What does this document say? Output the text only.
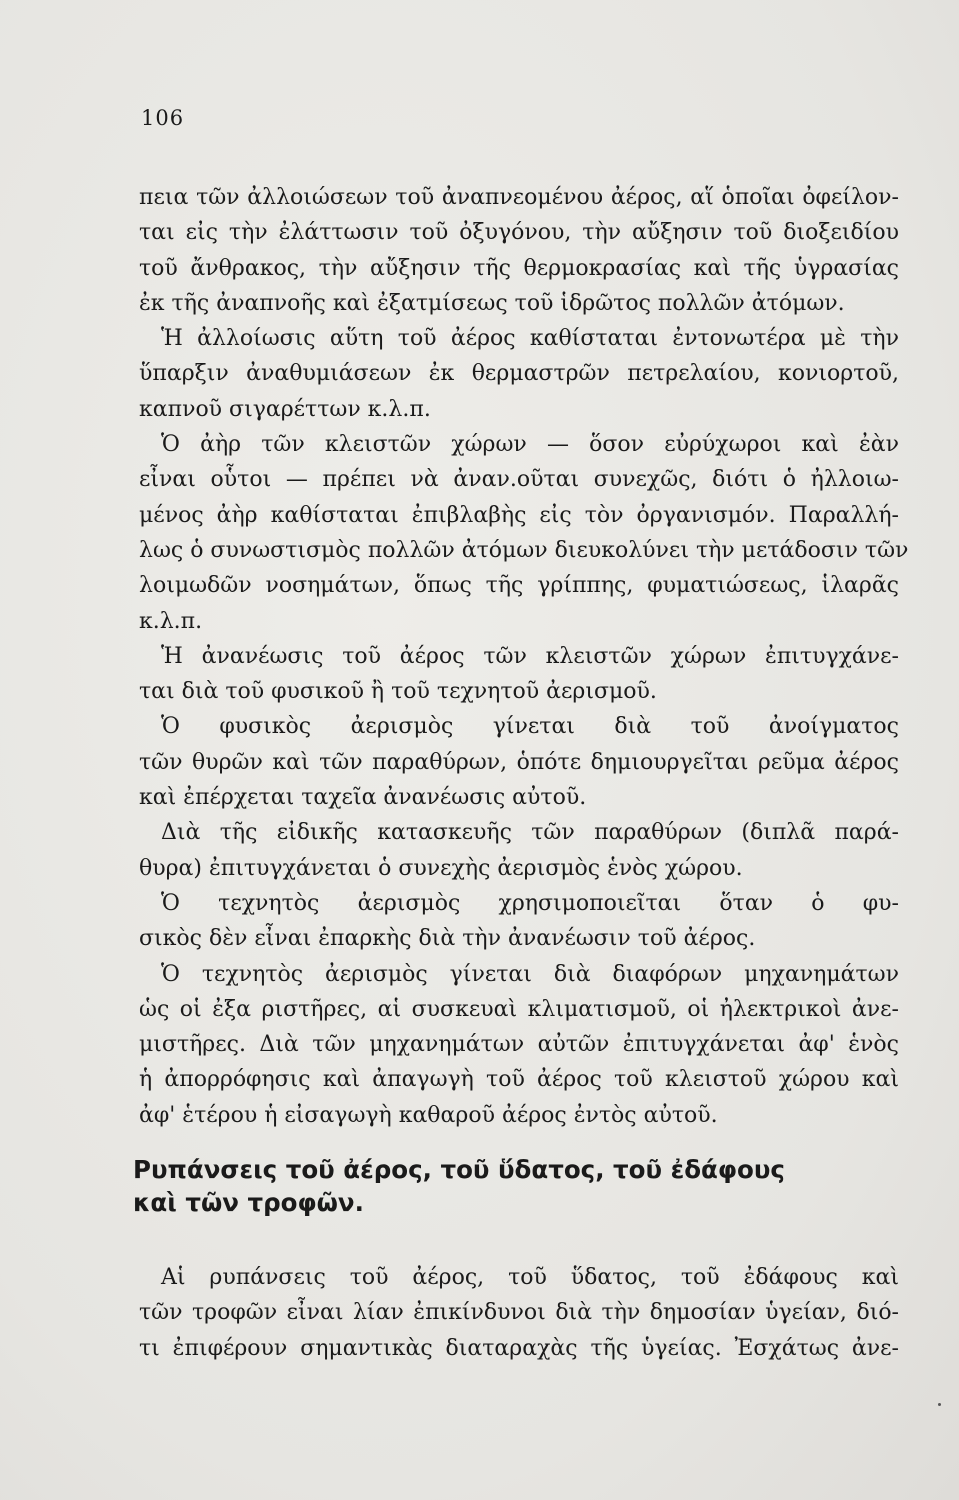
106
πεια τῶν ἀλλοιώσεων τοῦ ἀναπνεομένου ἀέρος, αἵ ὁποῖαι ὀφείλον-
ται εἰς τὴν ἐλάττωσιν τοῦ ὀξυγόνου, τὴν αὔξησιν τοῦ διοξειδίου
τοῦ ἄνθρακος, τὴν αὔξησιν τῆς θερμοκρασίας καὶ τῆς ὑγρασίας
ἐκ τῆς ἀναπνοῆς καὶ ἐξατμίσεως τοῦ ἱδρῶτος πολλῶν ἀτόμων.
Ἡ ἀλλοίωσις αὕτη τοῦ ἀέρος καθίσταται ἐντονωτέρα μὲ τὴν
ὕπαρξιν ἀναθυμιάσεων ἐκ θερμαστρῶν πετρελαίου, κονιορτοῦ,
καπνοῦ σιγαρέττων κ.λ.π.
Ὁ ἀὴρ τῶν κλειστῶν χώρων — ὅσον εὐρύχωροι καὶ ἐὰν
εἶναι οὗτοι — πρέπει νὰ ἀναν.οῦται συνεχῶς, διότι ὁ ἠλλοιω-
μένος ἀὴρ καθίσταται ἐπιβλαβὴς εἰς τὸν ὀργανισμόν. Παραλλή-
λως ὁ συνωστισμὸς πολλῶν ἀτόμων διευκολύνει τὴν μετάδοσιν τῶν
λοιμωδῶν νοσημάτων, ὅπως τῆς γρίππης, φυματιώσεως, ἱλαρᾶς
κ.λ.π.
Ἡ ἀνανέωσις τοῦ ἀέρος τῶν κλειστῶν χώρων ἐπιτυγχάνε-
ται διὰ τοῦ φυσικοῦ ἢ τοῦ τεχνητοῦ ἀερισμοῦ.
Ὁ φυσικὸς ἀερισμὸς γίνεται διὰ τοῦ ἀνοίγματος
τῶν θυρῶν καὶ τῶν παραθύρων, ὁπότε δημιουργεῖται ρεῦμα ἀέρος
καὶ ἐπέρχεται ταχεῖα ἀνανέωσις αὐτοῦ.
Διὰ τῆς εἰδικῆς κατασκευῆς τῶν παραθύρων (διπλᾶ παρά-
θυρα) ἐπιτυγχάνεται ὁ συνεχὴς ἀερισμὸς ἑνὸς χώρου.
Ὁ τεχνητὸς ἀερισμὸς χρησιμοποιεῖται ὅταν ὁ φυ-
σικὸς δὲν εἶναι ἐπαρκὴς διὰ τὴν ἀνανέωσιν τοῦ ἀέρος.
Ὁ τεχνητὸς ἀερισμὸς γίνεται διὰ διαφόρων μηχανημάτων
ὡς οἱ ἐξα ριστῆρες, αἱ συσκευαὶ κλιματισμοῦ, οἱ ἠλεκτρικοὶ ἀνε-
μιστῆρες. Διὰ τῶν μηχανημάτων αὐτῶν ἐπιτυγχάνεται ἀφ' ἑνὸς
ἡ ἀπορρόφησις καὶ ἀπαγωγὴ τοῦ ἀέρος τοῦ κλειστοῦ χώρου καὶ
ἀφ' ἑτέρου ἡ εἰσαγωγὴ καθαροῦ ἀέρος ἐντὸς αὐτοῦ.
Ρυπάνσεις τοῦ ἀέρος, τοῦ ὕδατος, τοῦ ἐδάφους
καὶ τῶν τροφῶν.
Αἱ ρυπάνσεις τοῦ ἀέρος, τοῦ ὕδατος, τοῦ ἐδάφους καὶ
τῶν τροφῶν εἶναι λίαν ἐπικίνδυνοι διὰ τὴν δημοσίαν ὑγείαν, διό-
τι ἐπιφέρουν σημαντικὰς διαταραχὰς τῆς ὑγείας. Ἐσχάτως ἀνε-
